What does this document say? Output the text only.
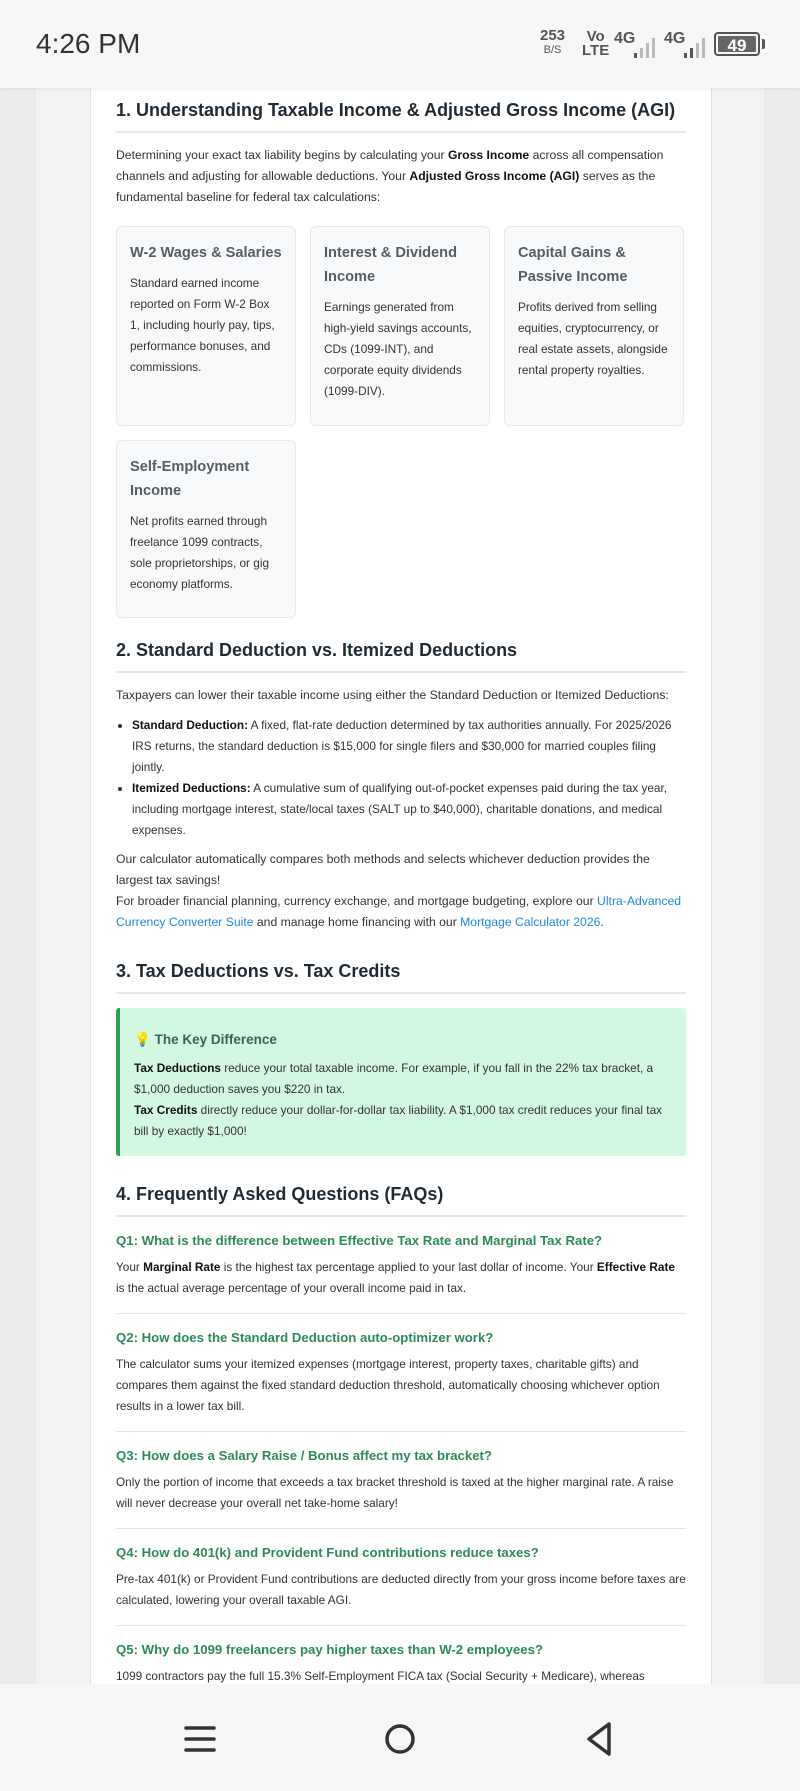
4:26 PM	253
B/S
Vo
LTE
4G 4G	49
1. Understanding Taxable Income & Adjusted Gross Income (AGI)

Determining your exact tax liability begins by calculating your Gross Income across all compensation channels and adjusting for allowable deductions. Your Adjusted Gross Income (AGI) serves as the fundamental baseline for federal tax calculations:

W-2 Wages & Salaries

Standard earned income reported on Form W-2 Box 1, including hourly pay, tips, performance bonuses, and commissions.

Interest & Dividend Income

Earnings generated from high-yield savings accounts, CDs (1099-INT), and corporate equity dividends (1099-DIV).

Capital Gains & Passive Income

Profits derived from selling equities, cryptocurrency, or real estate assets, alongside rental property royalties.

Self-Employment Income

Net profits earned through freelance 1099 contracts, sole proprietorships, or gig economy platforms.

2. Standard Deduction vs. Itemized Deductions

Taxpayers can lower their taxable income using either the Standard Deduction or Itemized Deductions:

• Standard Deduction: A fixed, flat-rate deduction determined by tax authorities annually. For 2025/2026 IRS returns, the standard deduction is $15,000 for single filers and $30,000 for married couples filing jointly.
• Itemized Deductions: A cumulative sum of qualifying out-of-pocket expenses paid during the tax year, including mortgage interest, state/local taxes (SALT up to $40,000), charitable donations, and medical expenses.

Our calculator automatically compares both methods and selects whichever deduction provides the largest tax savings!

For broader financial planning, currency exchange, and mortgage budgeting, explore our Ultra-Advanced Currency Converter Suite and manage home financing with our Mortgage Calculator 2026.

3. Tax Deductions vs. Tax Credits
💡 The Key Difference

Tax Deductions reduce your total taxable income. For example, if you fall in the 22% tax bracket, a $1,000 deduction saves you $220 in tax.

Tax Credits directly reduce your dollar-for-dollar tax liability. A $1,000 tax credit reduces your final tax bill by exactly $1,000!

4. Frequently Asked Questions (FAQs)
Q1: What is the difference between Effective Tax Rate and Marginal Tax Rate?

Your Marginal Rate is the highest tax percentage applied to your last dollar of income. Your Effective Rate is the actual average percentage of your overall income paid in tax.

Q2: How does the Standard Deduction auto-optimizer work?

The calculator sums your itemized expenses (mortgage interest, property taxes, charitable gifts) and compares them against the fixed standard deduction threshold, automatically choosing whichever option results in a lower tax bill.

Q3: How does a Salary Raise / Bonus affect my tax bracket?

Only the portion of income that exceeds a tax bracket threshold is taxed at the higher marginal rate. A raise will never decrease your overall net take-home salary!

Q4: How do 401(k) and Provident Fund contributions reduce taxes?

Pre-tax 401(k) or Provident Fund contributions are deducted directly from your gross income before taxes are calculated, lowering your overall taxable AGI.

Q5: Why do 1099 freelancers pay higher taxes than W-2 employees?

1099 contractors pay the full 15.3% Self-Employment FICA tax (Social Security + Medicare), whereas
